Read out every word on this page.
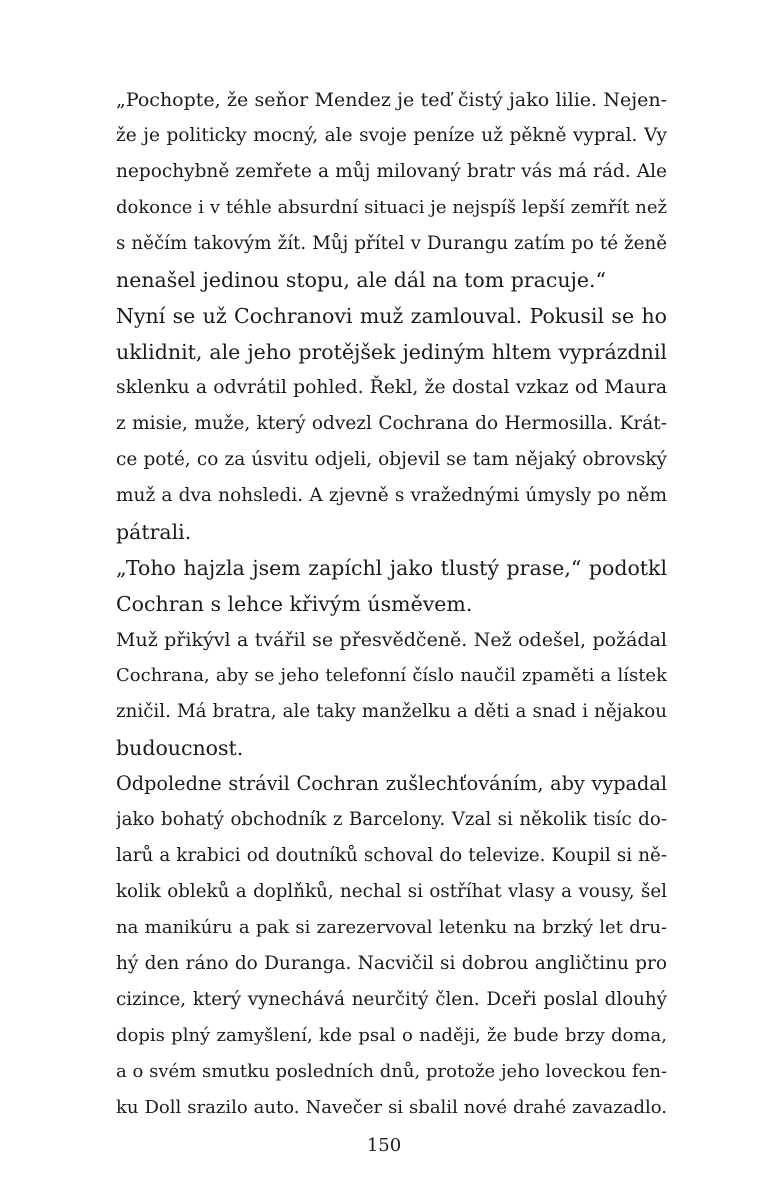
„Pochopte, že seňor Mendez je teď čistý jako lilie. Nejen-

že je politicky mocný, ale svoje peníze už pěkně vypral. Vy

nepochybně zemřete a můj milovaný bratr vás má rád. Ale

dokonce i v téhle absurdní situaci je nejspíš lepší zemřít než

s něčím takovým žít. Můj přítel v Durangu zatím po té ženě

nenašel jedinou stopu, ale dál na tom pracuje.“

Nyní se už Cochranovi muž zamlouval. Pokusil se ho

uklidnit, ale jeho protějšek jediným hltem vyprázdnil

sklenku a odvrátil pohled. Řekl, že dostal vzkaz od Maura

z misie, muže, který odvezl Cochrana do Hermosilla. Krát-

ce poté, co za úsvitu odjeli, objevil se tam nějaký obrovský

muž a dva nohsledi. A zjevně s vražednými úmysly po něm

pátrali.

„Toho hajzla jsem zapíchl jako tlustý prase,“ podotkl

Cochran s lehce křivým úsměvem.

Muž přikývl a tvářil se přesvědčeně. Než odešel, požádal

Cochrana, aby se jeho telefonní číslo naučil zpaměti a lístek

zničil. Má bratra, ale taky manželku a děti a snad i nějakou

budoucnost.

Odpoledne strávil Cochran zušlechťováním, aby vypadal

jako bohatý obchodník z Barcelony. Vzal si několik tisíc do-

larů a krabici od doutníků schoval do televize. Koupil si ně-

kolik obleků a doplňků, nechal si ostříhat vlasy a vousy, šel

na manikúru a pak si zarezervoval letenku na brzký let dru-

hý den ráno do Duranga. Nacvičil si dobrou angličtinu pro

cizince, který vynechává neurčitý člen. Dceři poslal dlouhý

dopis plný zamyšlení, kde psal o naději, že bude brzy doma,

a o svém smutku posledních dnů, protože jeho loveckou fen-

ku Doll srazilo auto. Navečer si sbalil nové drahé zavazadlo.

150
